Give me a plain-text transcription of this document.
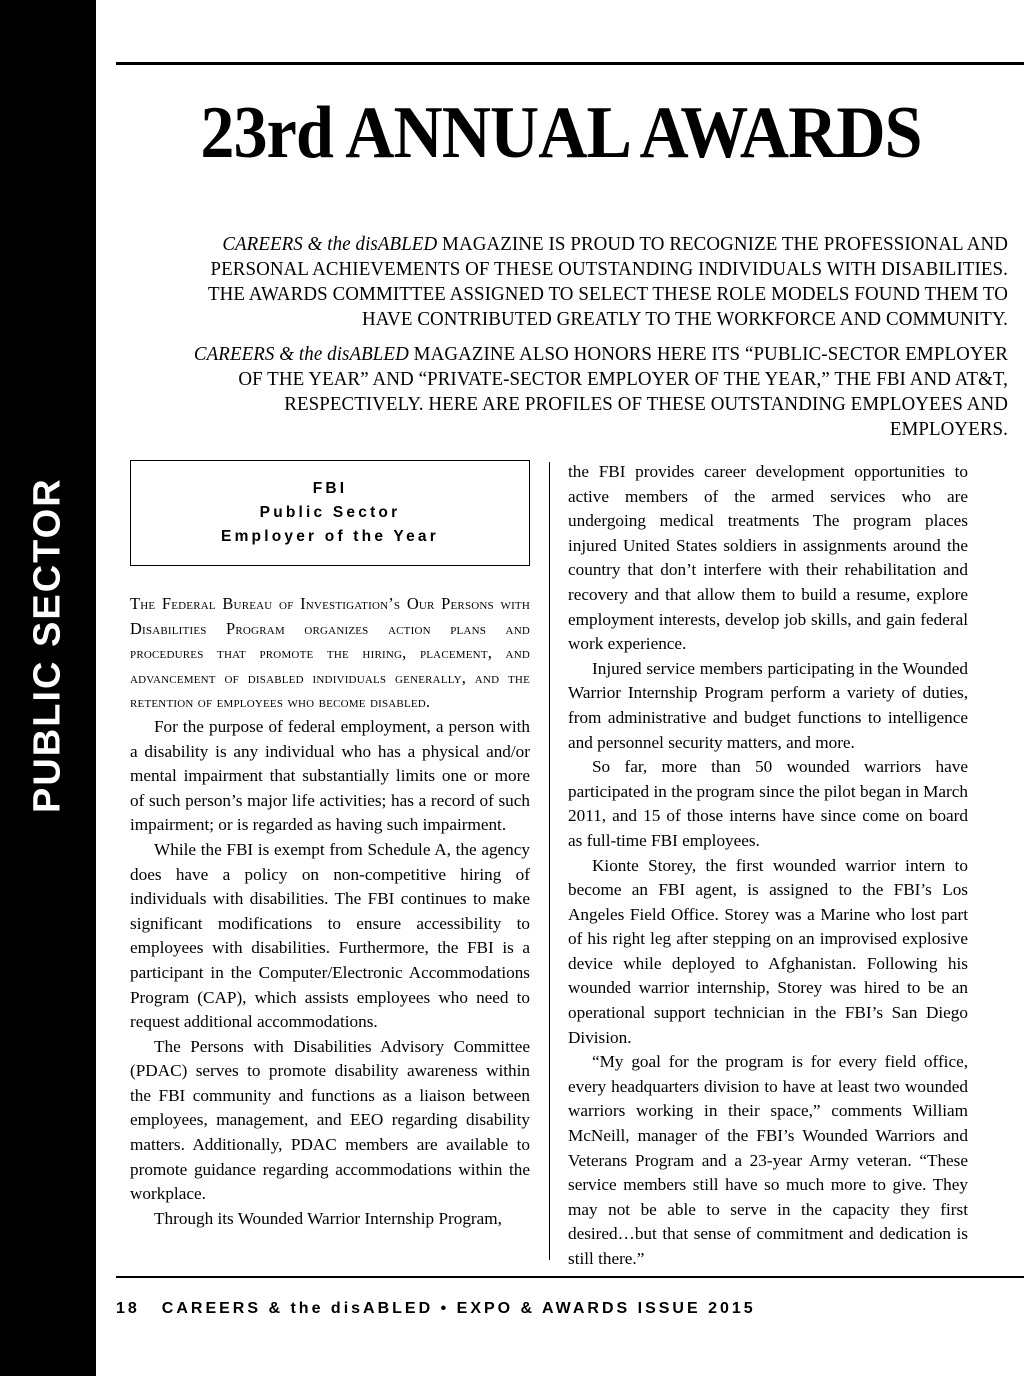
PUBLIC SECTOR
23rd ANNUAL AWARDS

CAREERS & the disABLED MAGAZINE IS PROUD TO RECOGNIZE THE PROFESSIONAL AND PERSONAL ACHIEVEMENTS OF THESE OUTSTANDING INDIVIDUALS WITH DISABILITIES. THE AWARDS COMMITTEE ASSIGNED TO SELECT THESE ROLE MODELS FOUND THEM TO HAVE CONTRIBUTED GREATLY TO THE WORKFORCE AND COMMUNITY.

CAREERS & the disABLED MAGAZINE ALSO HONORS HERE ITS “PUBLIC-SECTOR EMPLOYER OF THE YEAR” AND “PRIVATE-SECTOR EMPLOYER OF THE YEAR,” THE FBI AND AT&T, RESPECTIVELY. HERE ARE PROFILES OF THESE OUTSTANDING EMPLOYEES AND EMPLOYERS.

FBI
Public Sector
Employer of the Year

The Federal Bureau of Investigation’s Our Persons with Disabilities Program organizes action plans and procedures that promote the hiring, placement, and advancement of disabled individuals generally, and the retention of employees who become disabled.

For the purpose of federal employment, a person with a disability is any individual who has a physical and/or mental impairment that substantially limits one or more of such person’s major life activities; has a record of such impairment; or is regarded as having such impairment.

While the FBI is exempt from Schedule A, the agency does have a policy on non-competitive hiring of individuals with disabilities. The FBI continues to make significant modifications to ensure accessibility to employees with disabilities. Furthermore, the FBI is a participant in the Computer/Electronic Accommodations Program (CAP), which assists employees who need to request additional accommodations.

The Persons with Disabilities Advisory Committee (PDAC) serves to promote disability awareness within the FBI community and functions as a liaison between employees, management, and EEO regarding disability matters. Additionally, PDAC members are available to promote guidance regarding accommodations within the workplace.

Through its Wounded Warrior Internship Program,

the FBI provides career development opportunities to active members of the armed services who are undergoing medical treatments The program places injured United States soldiers in assignments around the country that don’t interfere with their rehabilitation and recovery and that allow them to build a resume, explore employment interests, develop job skills, and gain federal work experience.

Injured service members participating in the Wounded Warrior Internship Program perform a variety of duties, from administrative and budget functions to intelligence and personnel security matters, and more.

So far, more than 50 wounded warriors have participated in the program since the pilot began in March 2011, and 15 of those interns have since come on board as full-time FBI employees.

Kionte Storey, the first wounded warrior intern to become an FBI agent, is assigned to the FBI’s Los Angeles Field Office. Storey was a Marine who lost part of his right leg after stepping on an improvised explosive device while deployed to Afghanistan. Following his wounded warrior internship, Storey was hired to be an operational support technician in the FBI’s San Diego Division.

“My goal for the program is for every field office, every headquarters division to have at least two wounded warriors working in their space,” comments William McNeill, manager of the FBI’s Wounded Warriors and Veterans Program and a 23-year Army veteran. “These service members still have so much more to give. They may not be able to serve in the capacity they first desired…but that sense of commitment and dedication is still there.”

18 CAREERS & the disABLED • EXPO & AWARDS ISSUE 2015
